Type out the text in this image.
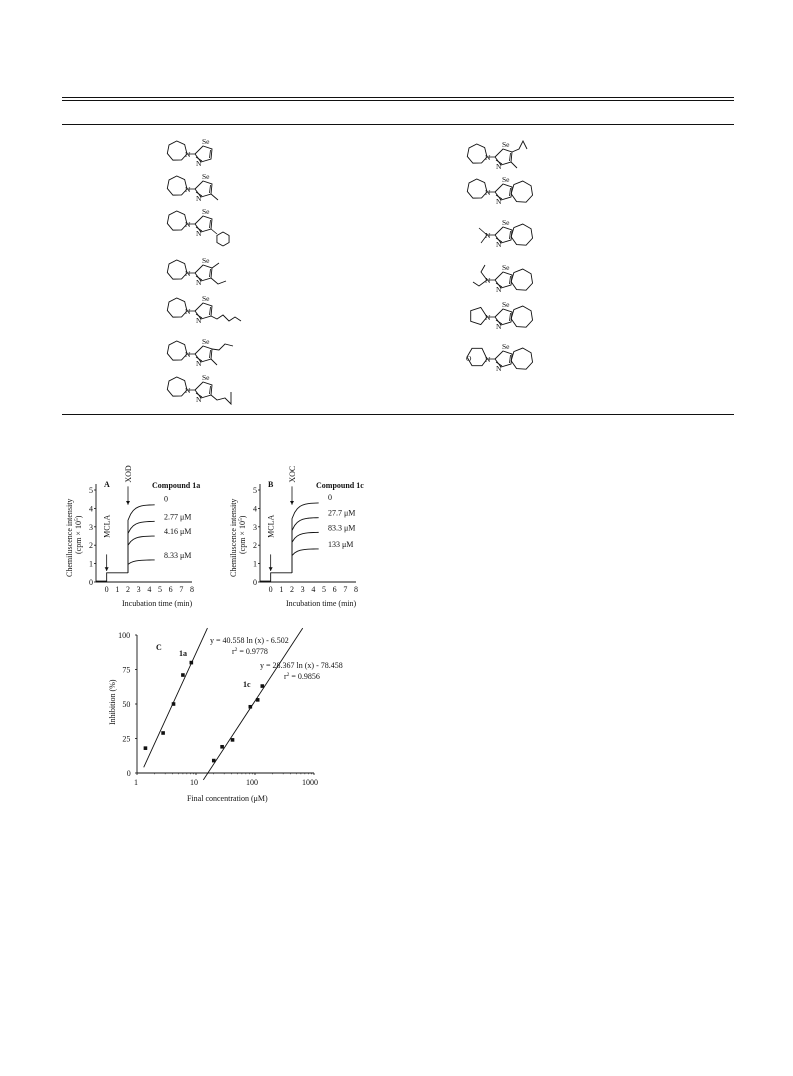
Se
N
N
Se
N
N
Se
N
N
Se
N
N
Se
N
N
Se
N
N
Se
N
N
Se
N
N
Se
N
N
Se
N
N
Se
N
N
Se
N
N
Se
N
N
O
0 1 2 3 4 5 6 7 8
0
1
2
3
4
5
0
2.77 μM
4.16 μM
8.33 μM
MCLA
XOD
A	Compound 1a
Incubation time (min)
Chemiluscence intensity $(cpm \times 10^5)$
0 1 2 3 4 5 6 7 8
0
1
2
3
4
5
0
27.7 μM
83.3 μM
133 μM
MCLA
XOC
B	Compound 1c
Incubation time (min)
Chemiluscence intensity $(cpm \times 10^5)$
1	10	100	1000
0
25
50
75
100
C
1a
1c
y = 40.558 ln (x) - 6.502
$r^2 = 0.9778$
y = 28.367 ln (x) - 78.458
$r^2 = 0.9856$
Final concentration (μM)
Inhibition (%)
